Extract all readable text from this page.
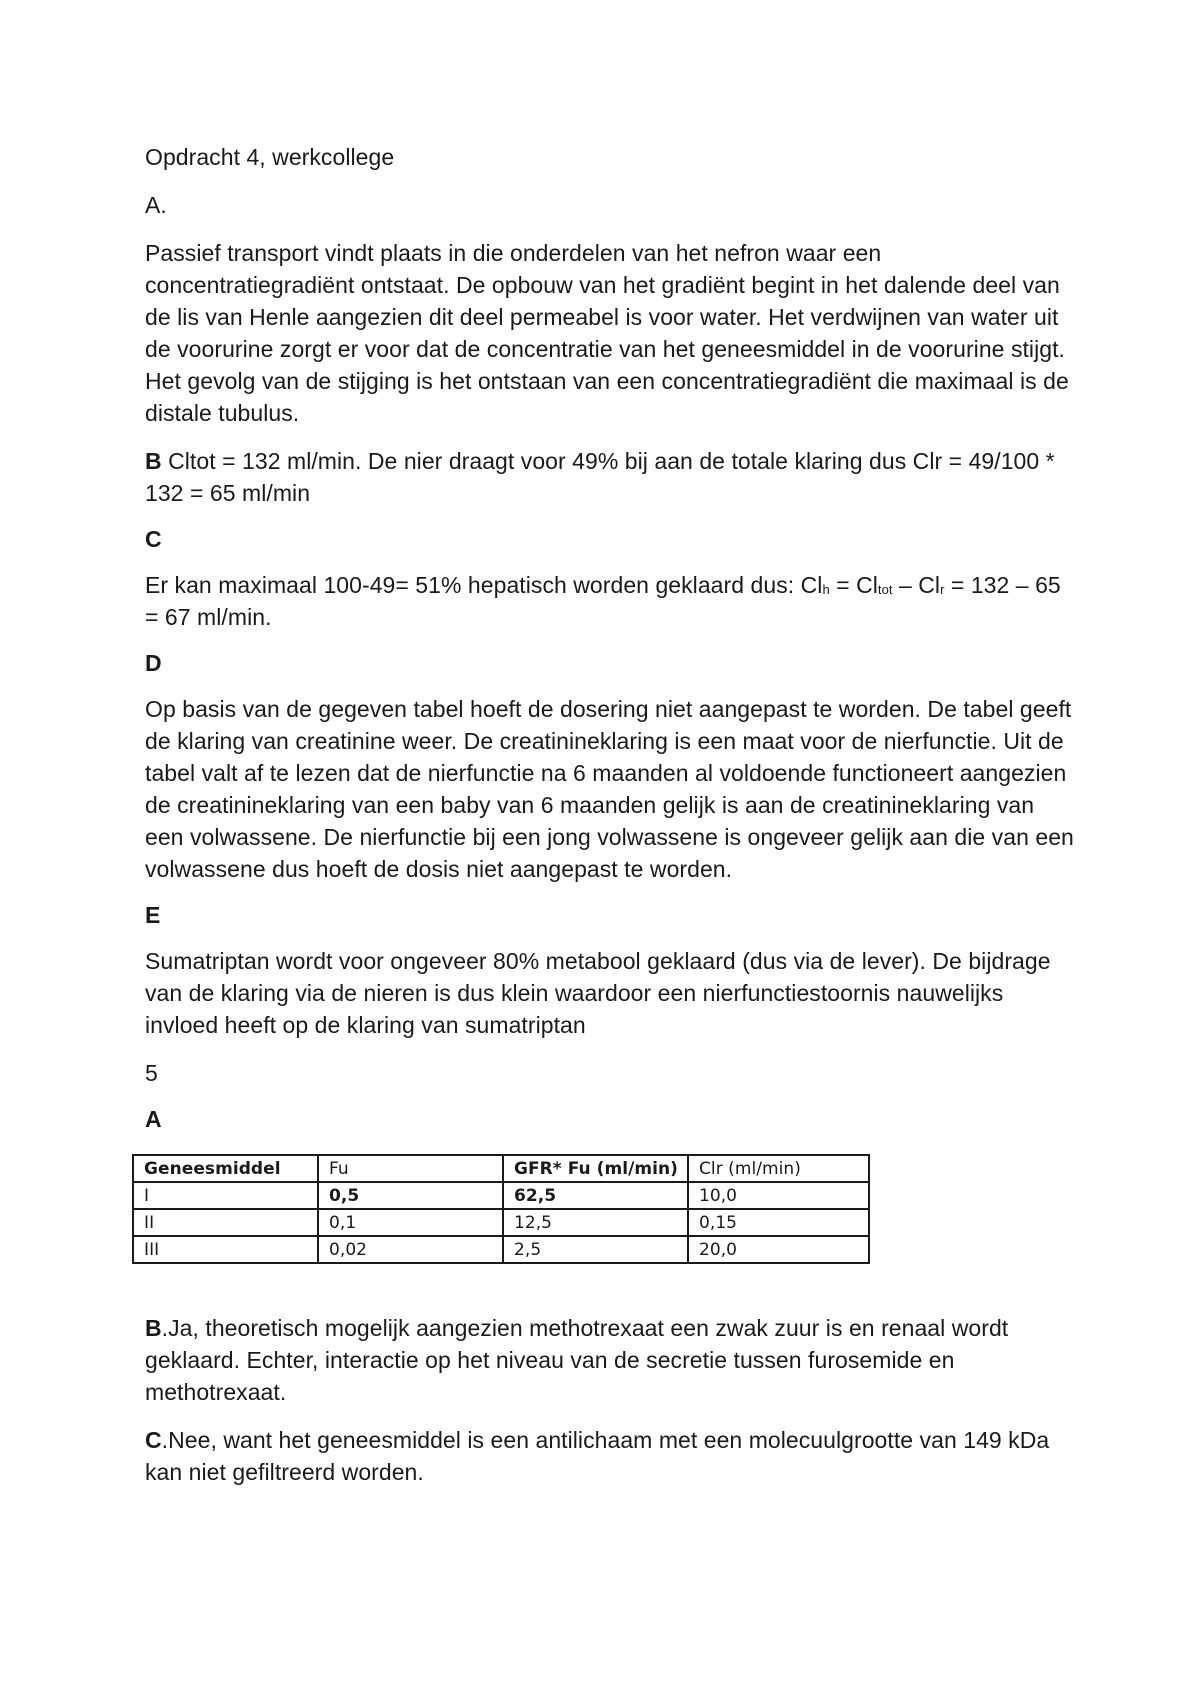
Opdracht 4, werkcollege

A.

Passief transport vindt plaats in die onderdelen van het nefron waar een concentratiegradiënt ontstaat. De opbouw van het gradiënt begint in het dalende deel van de lis van Henle aangezien dit deel permeabel is voor water. Het verdwijnen van water uit de voorurine zorgt er voor dat de concentratie van het geneesmiddel in de voorurine stijgt. Het gevolg van de stijging is het ontstaan van een concentratiegradiënt die maximaal is de distale tubulus.

B Cltot = 132 ml/min. De nier draagt voor 49% bij aan de totale klaring dus Clr = 49/100 * 132 = 65 ml/min

C

Er kan maximaal 100-49= 51% hepatisch worden geklaard dus: $Cl_h = Cl_{tot} - Cl_r = 132 - 65 = 67$ ml/min.

D

Op basis van de gegeven tabel hoeft de dosering niet aangepast te worden. De tabel geeft de klaring van creatinine weer. De creatinineklaring is een maat voor de nierfunctie. Uit de tabel valt af te lezen dat de nierfunctie na 6 maanden al voldoende functioneert aangezien de creatinineklaring van een baby van 6 maanden gelijk is aan de creatinineklaring van een volwassene. De nierfunctie bij een jong volwassene is ongeveer gelijk aan die van een volwassene dus hoeft de dosis niet aangepast te worden.

E

Sumatriptan wordt voor ongeveer 80% metabool geklaard (dus via de lever). De bijdrage van de klaring via de nieren is dus klein waardoor een nierfunctiestoornis nauwelijks invloed heeft op de klaring van sumatriptan

5

A

Geneesmiddel	Fu	GFR* Fu (ml/min)	Clr (ml/min)
I	0,5	62,5	10,0
II	0,1	12,5	0,15
III	0,02	2,5	20,0

B.Ja, theoretisch mogelijk aangezien methotrexaat een zwak zuur is en renaal wordt geklaard. Echter, interactie op het niveau van de secretie tussen furosemide en methotrexaat.

C.Nee, want het geneesmiddel is een antilichaam met een molecuulgrootte van 149 kDa kan niet gefiltreerd worden.
